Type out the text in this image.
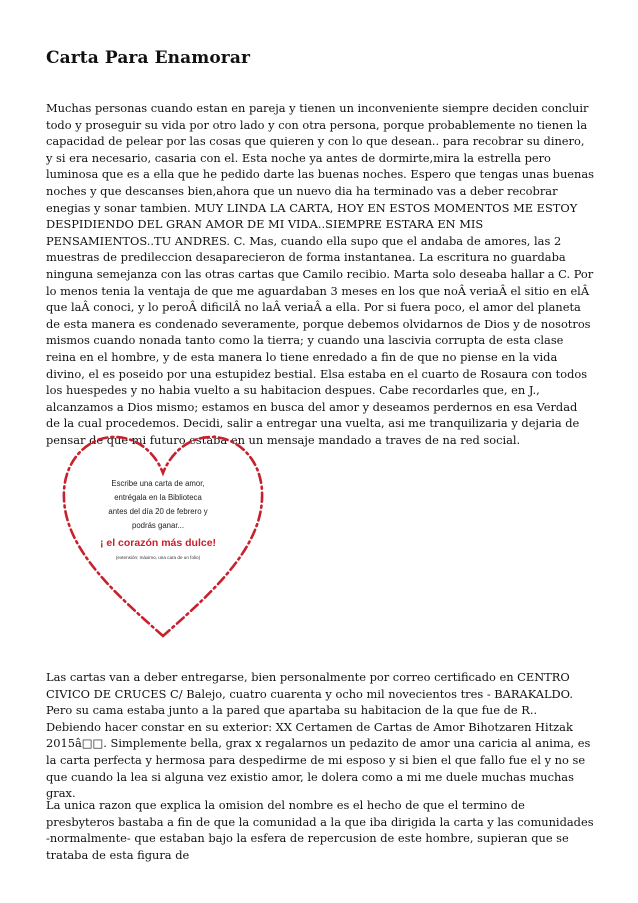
Carta Para Enamorar

Muchas personas cuando estan en pareja y tienen un inconveniente siempre deciden concluir todo y proseguir su vida por otro lado y con otra persona, porque probablemente no tienen la capacidad de pelear por las cosas que quieren y con lo que desean.. para recobrar su dinero, y si era necesario, casaria con el. Esta noche ya antes de dormirte,mira la estrella pero luminosa que es a ella que he pedido darte las buenas noches. Espero que tengas unas buenas noches y que descanses bien,ahora que un nuevo dia ha terminado vas a deber recobrar enegias y sonar tambien. MUY LINDA LA CARTA, HOY EN ESTOS MOMENTOS ME ESTOY DESPIDIENDO DEL GRAN AMOR DE MI VIDA..SIEMPRE ESTARA EN MIS PENSAMIENTOS..TU ANDRES. C. Mas, cuando ella supo que el andaba de amores, las 2 muestras de predileccion desaparecieron de forma instantanea. La escritura no guardaba ninguna semejanza con las otras cartas que Camilo recibio. Marta solo deseaba hallar a C. Por lo menos tenia la ventaja de que me aguardaban 3 meses en los que noÂ veriaÂ el sitio en elÂ que laÂ conoci, y lo peroÂ dificilÂ no laÂ veriaÂ a ella. Por si fuera poco, el amor del planeta de esta manera es condenado severamente, porque debemos olvidarnos de Dios y de nosotros mismos cuando nonada tanto como la tierra; y cuando una lascivia corrupta de esta clase reina en el hombre, y de esta manera lo tiene enredado a fin de que no piense en la vida divino, el es poseido por una estupidez bestial. Elsa estaba en el cuarto de Rosaura con todos los huespedes y no habia vuelto a su habitacion despues. Cabe recordarles que, en J., alcanzamos a Dios mismo; estamos en busca del amor y deseamos perdernos en esa Verdad de la cual procedemos. Decidi, salir a entregar una vuelta, asi me tranquilizaria y dejaria de pensar de que mi futuro estaba en un mensaje mandado a traves de na red social.

Escribe una carta de amor,
entrégala en la Biblioteca
antes del día 20 de febrero y
podrás ganar...
¡ el corazón más dulce!
(extensión: máximo, una cara de un folio)

Las cartas van a deber entregarse, bien personalmente por correo certificado en CENTRO CIVICO DE CRUCES C/ Balejo, cuatro cuarenta y ocho mil novecientos tres - BARAKALDO. Pero su cama estaba junto a la pared que apartaba su habitacion de la que fue de R.. Debiendo hacer constar en su exterior: XX Certamen de Cartas de Amor Bihotzaren Hitzak 2015â□□. Simplemente bella, grax x regalarnos un pedazito de amor una caricia al anima, es la carta perfecta y hermosa para despedirme de mi esposo y si bien el que fallo fue el y no se que cuando la lea si alguna vez existio amor, le dolera como a mi me duele muchas muchas grax.

La unica razon que explica la omision del nombre es el hecho de que el termino de presbyteros bastaba a fin de que la comunidad a la que iba dirigida la carta y las comunidades -normalmente- que estaban bajo la esfera de repercusion de este hombre, supieran que se trataba de esta figura de
